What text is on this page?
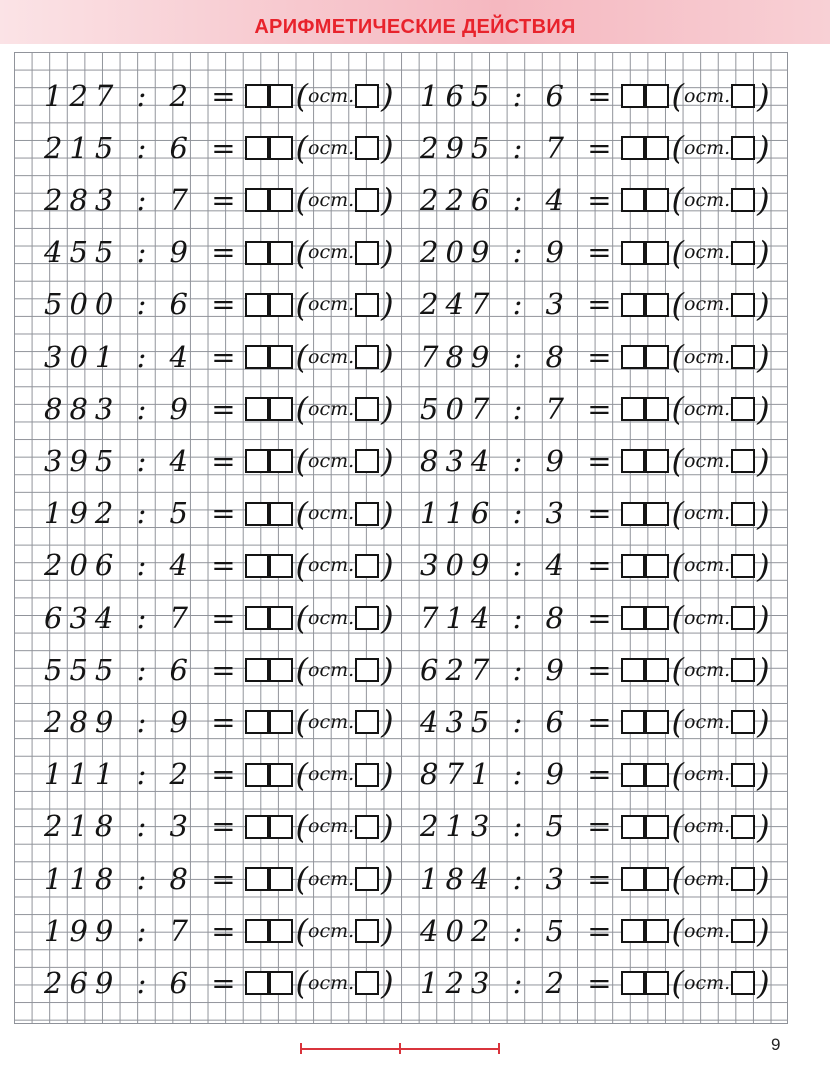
АРИФМЕТИЧЕСКИЕ ДЕЙСТВИЯ
127 : 2 = ( ост. )
215 : 6 = ( ост. )
283 : 7 = ( ост. )
455 : 9 = ( ост. )
500 : 6 = ( ост. )
301 : 4 = ( ост. )
883 : 9 = ( ост. )
395 : 4 = ( ост. )
192 : 5 = ( ост. )
206 : 4 = ( ост. )
634 : 7 = ( ост. )
555 : 6 = ( ост. )
289 : 9 = ( ост. )
111 : 2 = ( ост. )
218 : 3 = ( ост. )
118 : 8 = ( ост. )
199 : 7 = ( ост. )
269 : 6 = ( ост. )
165 : 6 = ( ост. )
295 : 7 = ( ост. )
226 : 4 = ( ост. )
209 : 9 = ( ост. )
247 : 3 = ( ост. )
789 : 8 = ( ост. )
507 : 7 = ( ост. )
834 : 9 = ( ост. )
116 : 3 = ( ост. )
309 : 4 = ( ост. )
714 : 8 = ( ост. )
627 : 9 = ( ост. )
435 : 6 = ( ост. )
871 : 9 = ( ост. )
213 : 5 = ( ост. )
184 : 3 = ( ост. )
402 : 5 = ( ост. )
123 : 2 = ( ост. )
9
